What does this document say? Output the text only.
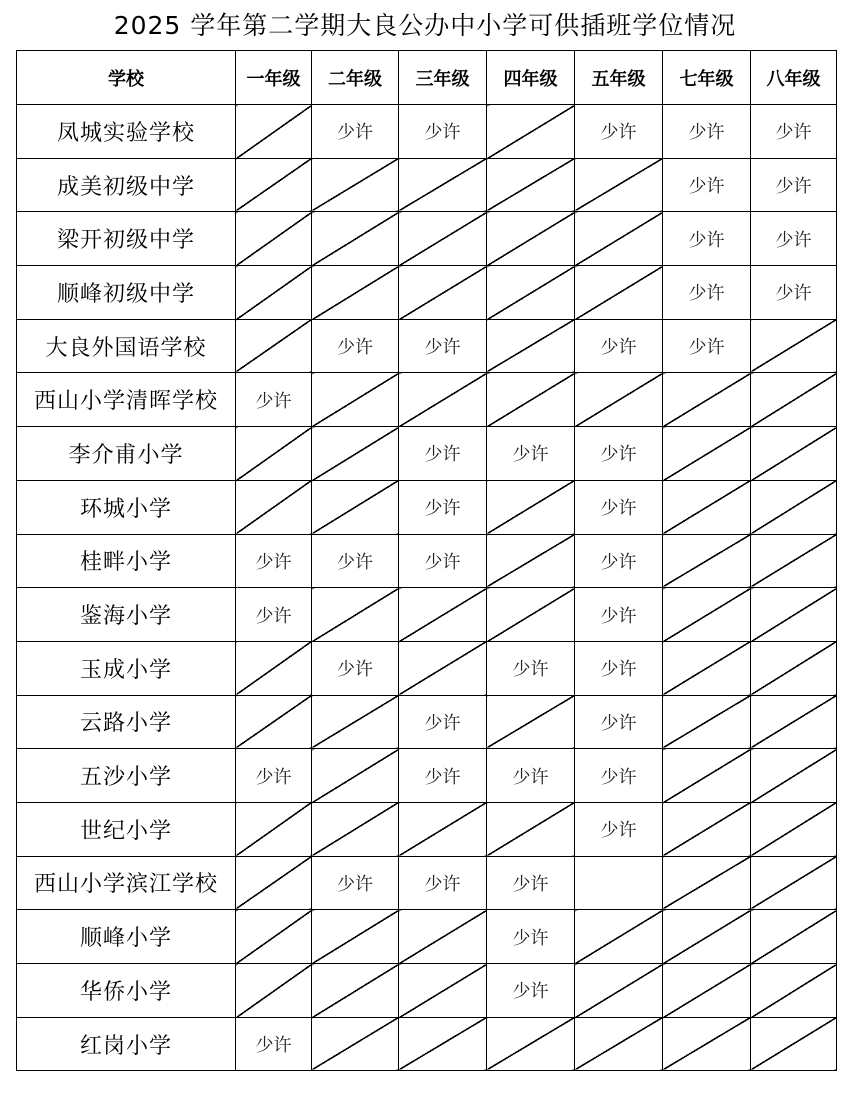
2025 学年第二学期大良公办中小学可供插班学位情况
学校	一年级	二年级	三年级	四年级	五年级	七年级	八年级
凤城实验学校		少许	少许		少许	少许	少许
成美初级中学						少许	少许
梁开初级中学						少许	少许
顺峰初级中学						少许	少许
大良外国语学校		少许	少许		少许	少许	
西山小学清晖学校	少许						
李介甫小学			少许	少许	少许		
环城小学			少许		少许		
桂畔小学	少许	少许	少许		少许		
鉴海小学	少许				少许		
玉成小学		少许		少许	少许		
云路小学			少许		少许		
五沙小学	少许		少许	少许	少许		
世纪小学					少许		
西山小学滨江学校		少许	少许	少许			
顺峰小学				少许			
华侨小学				少许			
红岗小学	少许						
